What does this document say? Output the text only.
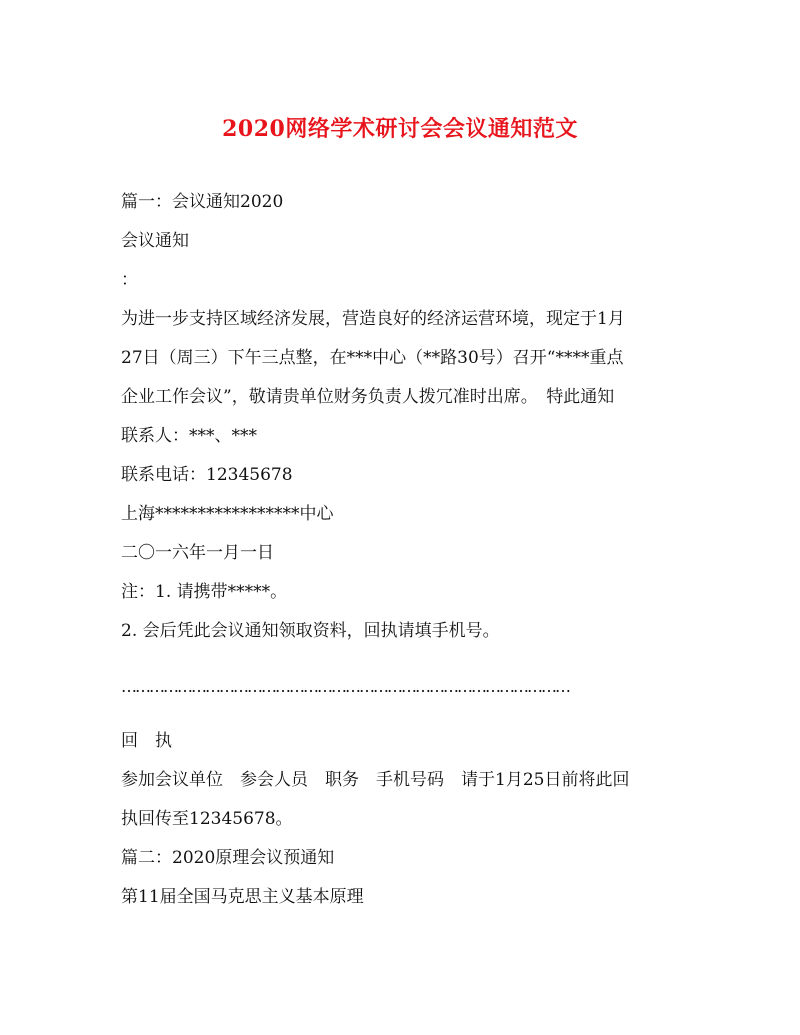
2020网络学术研讨会会议通知范文

篇一：会议通知2020

会议通知

：

为进一步支持区域经济发展，营造良好的经济运营环境，现定于1月

27日（周三）下午三点整，在***中心（**路30号）召开“****重点

企业工作会议”，敬请贵单位财务负责人拨冗准时出席。　特此通知

联系人：***、***

联系电话：12345678

上海*****************中心

二〇一六年一月一日

注：1. 请携带*****。

2. 会后凭此会议通知领取资料，回执请填手机号。

……………………………………………………………………………………

回　执

参加会议单位　参会人员　职务　手机号码　请于1月25日前将此回

执回传至12345678。

篇二：2020原理会议预通知

第11届全国马克思主义基本原理
